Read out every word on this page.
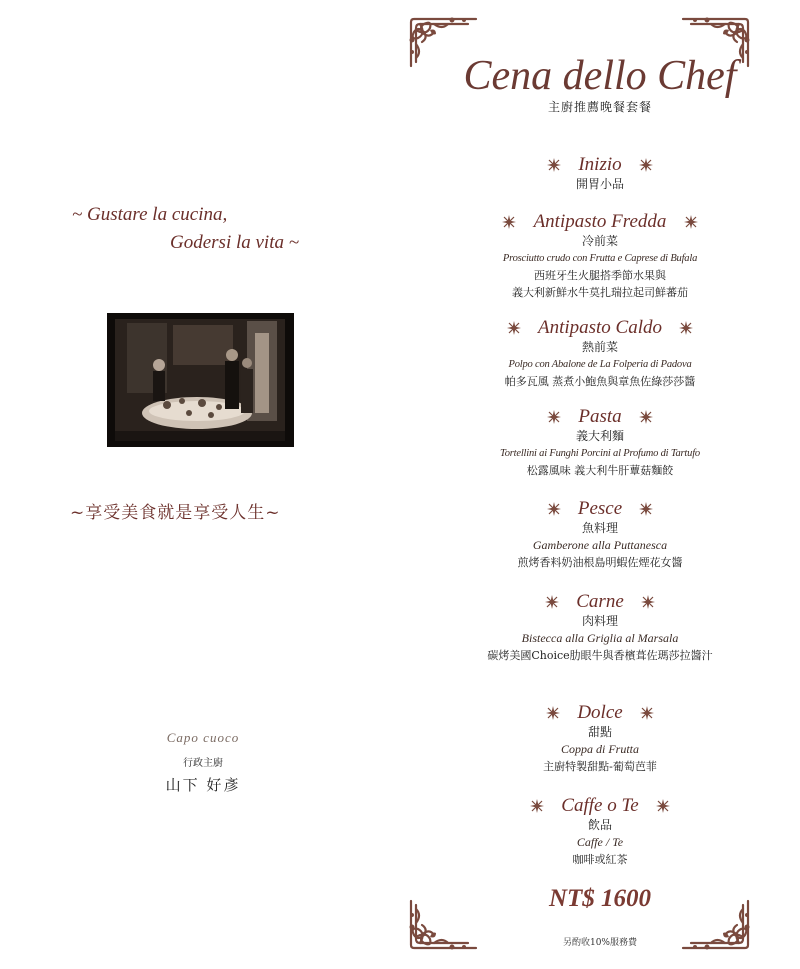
~ Gustare la cucina,
Godersi la vita ~
~享受美食就是享受人生~
Capo cuoco
行政主廚
山下 好彥
Cena dello Chef
主廚推薦晚餐套餐
Inizio
開胃小品
Antipasto Fredda
冷前菜
Prosciutto crudo con Frutta e Caprese di Bufala
西班牙生火腿搭季節水果與
義大利新鮮水牛莫扎瑞拉起司鮮蕃茄
Antipasto Caldo
熱前菜
Polpo con Abalone de La Folperia di Padova
帕多瓦風 蒸煮小鮑魚與章魚佐綠莎莎醬
Pasta
義大利麵
Tortellini ai Funghi Porcini al Profumo di Tartufo
松露風味 義大利牛肝蕈菇麵餃
Pesce
魚料理
Gamberone alla Puttanesca
煎烤香料奶油根島明蝦佐煙花女醬
Carne
肉料理
Bistecca alla Griglia al Marsala
碳烤美國Choice肋眼牛與香檳葺佐瑪莎拉醬汁
Dolce
甜點
Coppa di Frutta
主廚特製甜點-葡萄芭菲
Caffe o Te
飲品
Caffe / Te
咖啡或紅茶
NT$ 1600
另酌收10%服務費
